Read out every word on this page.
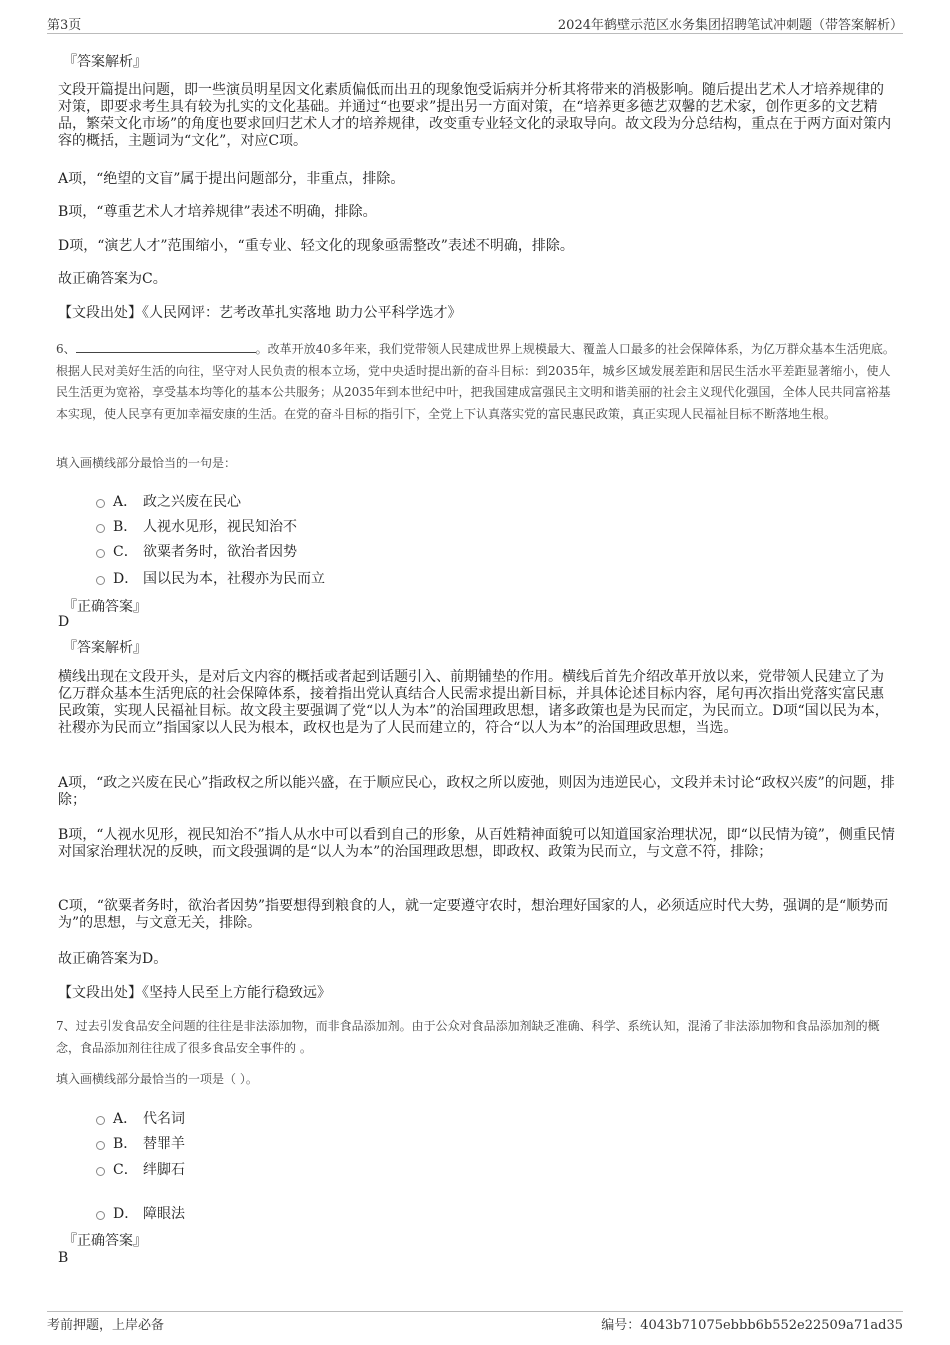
第3页	2024年鹤壁示范区水务集团招聘笔试冲刺题（带答案解析）
『答案解析』
文段开篇提出问题，即一些演员明星因文化素质偏低而出丑的现象饱受诟病并分析其将带来的消极影响。随后提出艺术人才培养规律的对策，即要求考生具有较为扎实的文化基础。并通过“也要求”提出另一方面对策，在“培养更多德艺双馨的艺术家，创作更多的文艺精品，繁荣文化市场”的角度也要求回归艺术人才的培养规律，改变重专业轻文化的录取导向。故文段为分总结构，重点在于两方面对策内容的概括，主题词为“文化”，对应C项。
A项，“绝望的文盲”属于提出问题部分，非重点，排除。
B项，“尊重艺术人才培养规律”表述不明确，排除。
D项，“演艺人才”范围缩小，“重专业、轻文化的现象亟需整改”表述不明确，排除。
故正确答案为C。
【文段出处】《人民网评：艺考改革扎实落地 助力公平科学选才》
6、	。改革开放40多年来，我们党带领人民建成世界上规模最大、覆盖人口最多的社会保障体系，为亿万群众基本生活兜底。根据人民对美好生活的向往，坚守对人民负责的根本立场，党中央适时提出新的奋斗目标：到2035年，城乡区域发展差距和居民生活水平差距显著缩小，使人民生活更为宽裕，享受基本均等化的基本公共服务；从2035年到本世纪中叶，把我国建成富强民主文明和谐美丽的社会主义现代化强国，全体人民共同富裕基本实现，使人民享有更加幸福安康的生活。在党的奋斗目标的指引下，全党上下认真落实党的富民惠民政策，真正实现人民福祉目标不断落地生根。
填入画横线部分最恰当的一句是：
A． 政之兴废在民心
B． 人视水见形，视民知治不
C． 欲粟者务时，欲治者因势
D． 国以民为本，社稷亦为民而立
『正确答案』
D
『答案解析』
横线出现在文段开头，是对后文内容的概括或者起到话题引入、前期铺垫的作用。横线后首先介绍改革开放以来，党带领人民建立了为亿万群众基本生活兜底的社会保障体系，接着指出党认真结合人民需求提出新目标，并具体论述目标内容，尾句再次指出党落实富民惠民政策，实现人民福祉目标。故文段主要强调了党“以人为本”的治国理政思想，诸多政策也是为民而定，为民而立。D项“国以民为本，社稷亦为民而立”指国家以人民为根本，政权也是为了人民而建立的，符合“以人为本”的治国理政思想，当选。
A项，“政之兴废在民心”指政权之所以能兴盛，在于顺应民心，政权之所以废弛，则因为违逆民心，文段并未讨论“政权兴废”的问题，排除；
B项，“人视水见形，视民知治不”指人从水中可以看到自己的形象，从百姓精神面貌可以知道国家治理状况，即“以民情为镜”，侧重民情对国家治理状况的反映，而文段强调的是“以人为本”的治国理政思想，即政权、政策为民而立，与文意不符，排除；
C项，“欲粟者务时，欲治者因势”指要想得到粮食的人，就一定要遵守农时，想治理好国家的人，必须适应时代大势，强调的是“顺势而为”的思想，与文意无关，排除。
故正确答案为D。
【文段出处】《坚持人民至上方能行稳致远》
7、过去引发食品安全问题的往往是非法添加物，而非食品添加剂。由于公众对食品添加剂缺乏准确、科学、系统认知，混淆了非法添加物和食品添加剂的概念，食品添加剂往往成了很多食品安全事件的 。
填入画横线部分最恰当的一项是（ ）。
A． 代名词
B． 替罪羊
C． 绊脚石
D． 障眼法
『正确答案』
B
考前押题，上岸必备	编号：4043b71075ebbb6b552e22509a71ad35
